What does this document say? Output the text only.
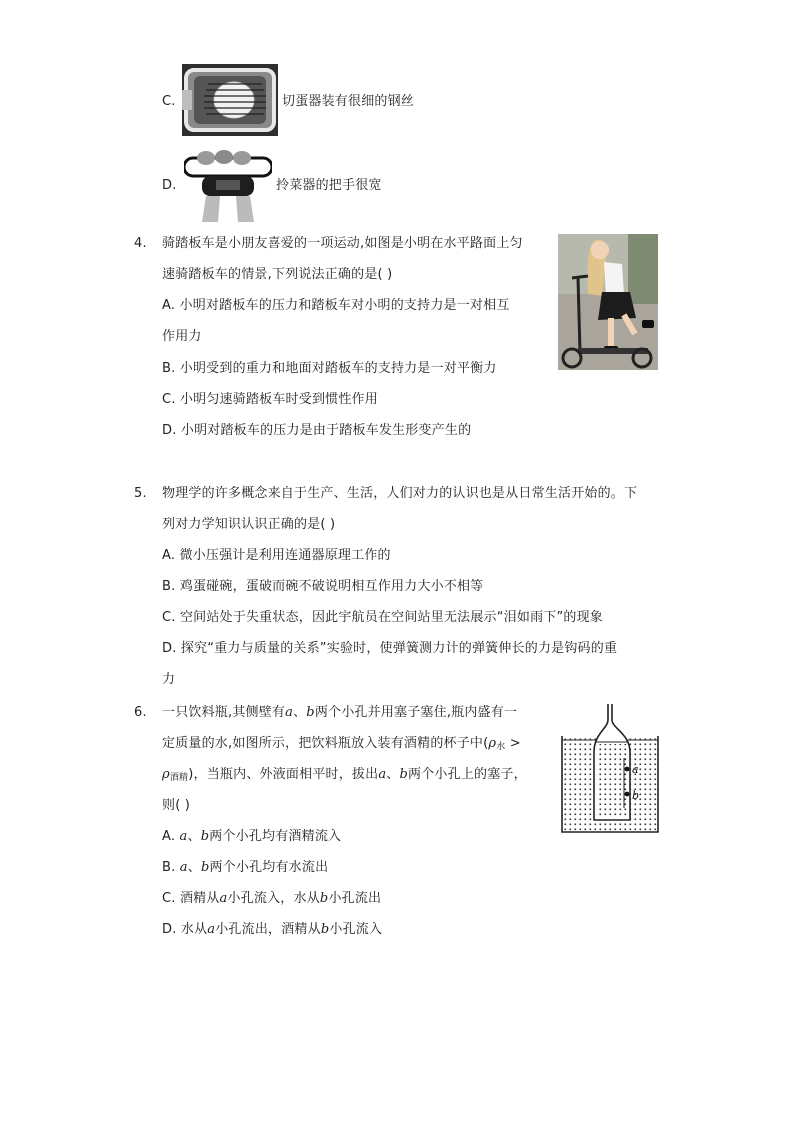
C.	切蛋器装有很细的钢丝
D.	拎菜器的把手很宽
4. 骑踏板车是小朋友喜爱的一项运动,如图是小明在水平路面上匀
速骑踏板车的情景,下列说法正确的是( )
A. 小明对踏板车的压力和踏板车对小明的支持力是一对相互
作用力
B. 小明受到的重力和地面对踏板车的支持力是一对平衡力
C. 小明匀速骑踏板车时受到惯性作用
D. 小明对踏板车的压力是由于踏板车发生形变产生的
5. 物理学的许多概念来自于生产、生活，人们对力的认识也是从日常生活开始的。下
列对力学知识认识正确的是( )
A. 微小压强计是利用连通器原理工作的
B. 鸡蛋碰碗，蛋破而碗不破说明相互作用力大小不相等
C. 空间站处于失重状态，因此宇航员在空间站里无法展示“泪如雨下”的现象
D. 探究“重力与质量的关系”实验时，使弹簧测力计的弹簧伸长的力是钩码的重
力
6. 一只饮料瓶,其侧壁有a、b两个小孔并用塞子塞住,瓶内盛有一
定质量的水,如图所示，把饮料瓶放入装有酒精的杯子中($\rho_水$ >
$\rho_{酒精}$)，当瓶内、外液面相平时，拔出a、b两个小孔上的塞子，
则( )
A. a、b两个小孔均有酒精流入
B. a、b两个小孔均有水流出
C. 酒精从a小孔流入，水从b小孔流出
D. 水从a小孔流出，酒精从b小孔流入
a
b
